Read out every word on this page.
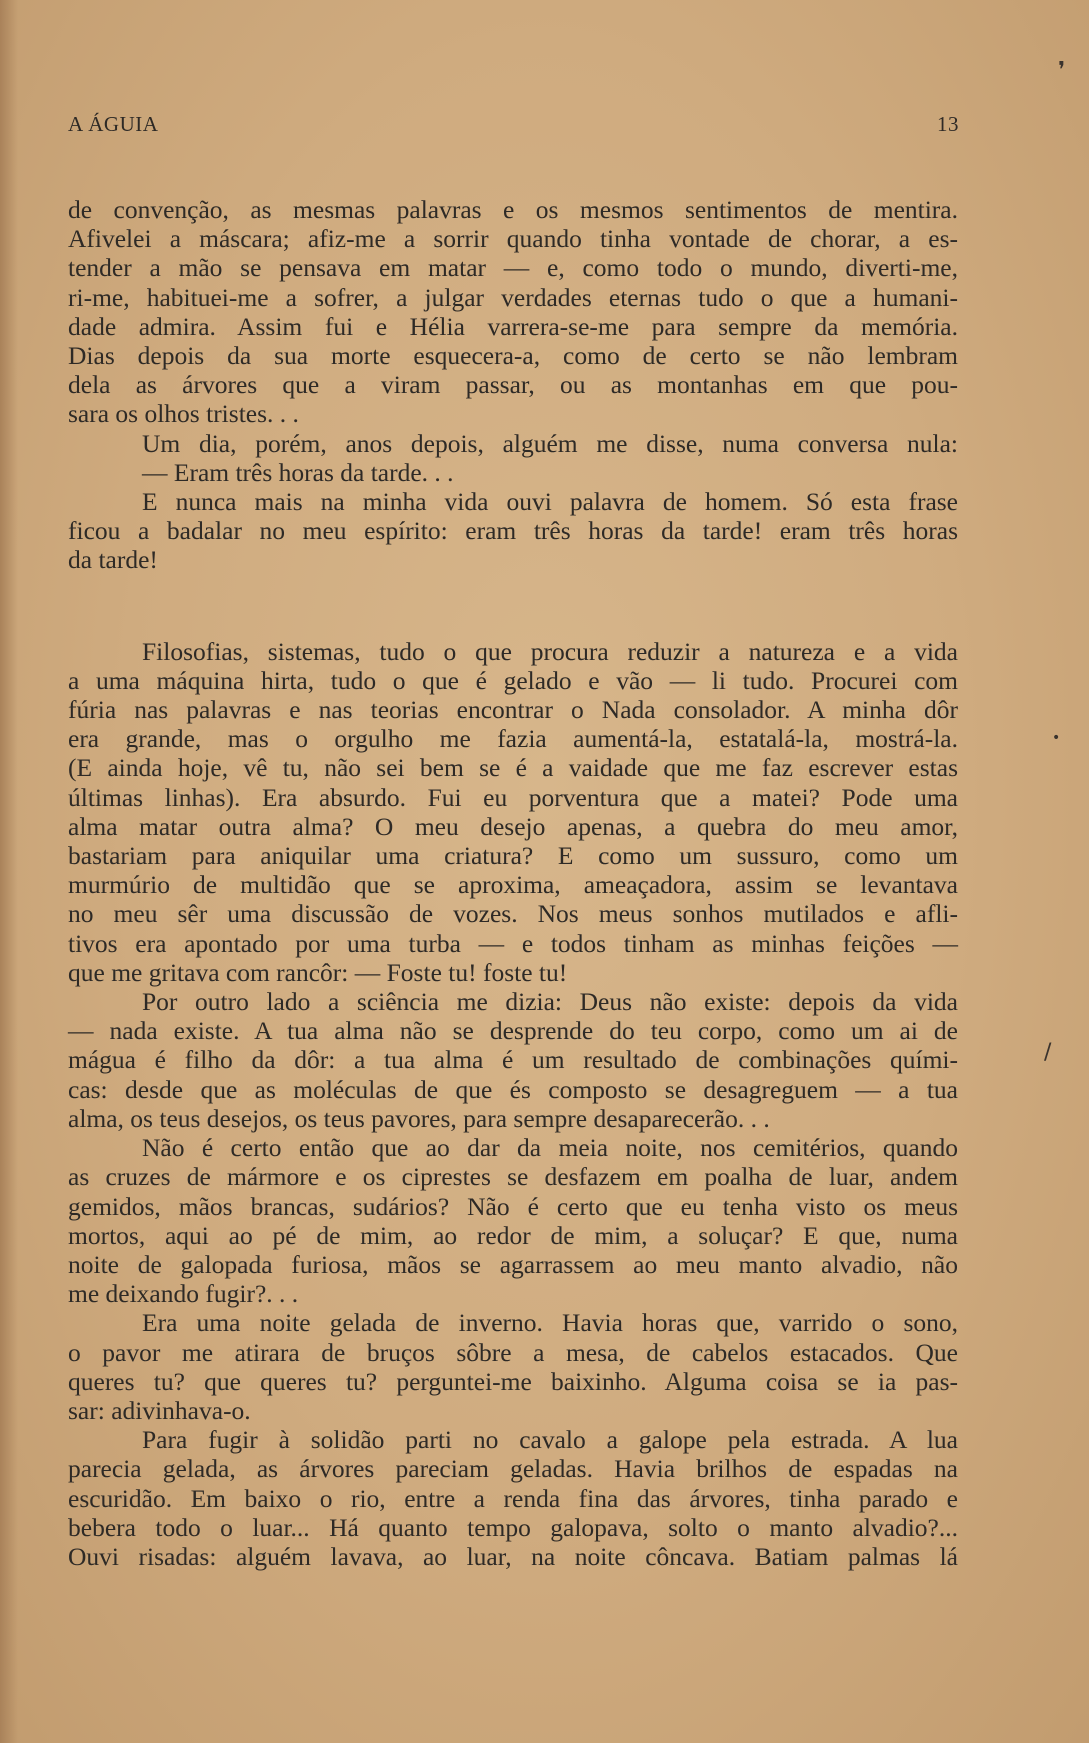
A ÁGUIA	13
❜
•
/

de convenção, as mesmas palavras e os mesmos sentimentos de mentira.

Afivelei a máscara; afiz-me a sorrir quando tinha vontade de chorar, a es-

tender a mão se pensava em matar — e, como todo o mundo, diverti-me,

ri-me, habituei-me a sofrer, a julgar verdades eternas tudo o que a humani-

dade admira. Assim fui e Hélia varrera-se-me para sempre da memória.

Dias depois da sua morte esquecera-a, como de certo se não lembram

dela as árvores que a viram passar, ou as montanhas em que pou-

sara os olhos tristes. . .

Um dia, porém, anos depois, alguém me disse, numa conversa nula:

— Eram três horas da tarde. . .

E nunca mais na minha vida ouvi palavra de homem. Só esta frase

ficou a badalar no meu espírito: eram três horas da tarde! eram três horas

da tarde!

Filosofias, sistemas, tudo o que procura reduzir a natureza e a vida

a uma máquina hirta, tudo o que é gelado e vão — li tudo. Procurei com

fúria nas palavras e nas teorias encontrar o Nada consolador. A minha dôr

era grande, mas o orgulho me fazia aumentá-la, estatalá-la, mostrá-la.

(E ainda hoje, vê tu, não sei bem se é a vaidade que me faz escrever estas

últimas linhas). Era absurdo. Fui eu porventura que a matei? Pode uma

alma matar outra alma? O meu desejo apenas, a quebra do meu amor,

bastariam para aniquilar uma criatura? E como um sussuro, como um

murmúrio de multidão que se aproxima, ameaçadora, assim se levantava

no meu sêr uma discussão de vozes. Nos meus sonhos mutilados e afli-

tivos era apontado por uma turba — e todos tinham as minhas feições —

que me gritava com rancôr: — Foste tu! foste tu!

Por outro lado a sciência me dizia: Deus não existe: depois da vida

— nada existe. A tua alma não se desprende do teu corpo, como um ai de

mágua é filho da dôr: a tua alma é um resultado de combinações quími-

cas: desde que as moléculas de que és composto se desagreguem — a tua

alma, os teus desejos, os teus pavores, para sempre desaparecerão. . .

Não é certo então que ao dar da meia noite, nos cemitérios, quando

as cruzes de mármore e os ciprestes se desfazem em poalha de luar, andem

gemidos, mãos brancas, sudários? Não é certo que eu tenha visto os meus

mortos, aqui ao pé de mim, ao redor de mim, a soluçar? E que, numa

noite de galopada furiosa, mãos se agarrassem ao meu manto alvadio, não

me deixando fugir?. . .

Era uma noite gelada de inverno. Havia horas que, varrido o sono,

o pavor me atirara de bruços sôbre a mesa, de cabelos estacados. Que

queres tu? que queres tu? perguntei-me baixinho. Alguma coisa se ia pas-

sar: adivinhava-o.

Para fugir à solidão parti no cavalo a galope pela estrada. A lua

parecia gelada, as árvores pareciam geladas. Havia brilhos de espadas na

escuridão. Em baixo o rio, entre a renda fina das árvores, tinha parado e

bebera todo o luar... Há quanto tempo galopava, solto o manto alvadio?...

Ouvi risadas: alguém lavava, ao luar, na noite côncava. Batiam palmas lá
